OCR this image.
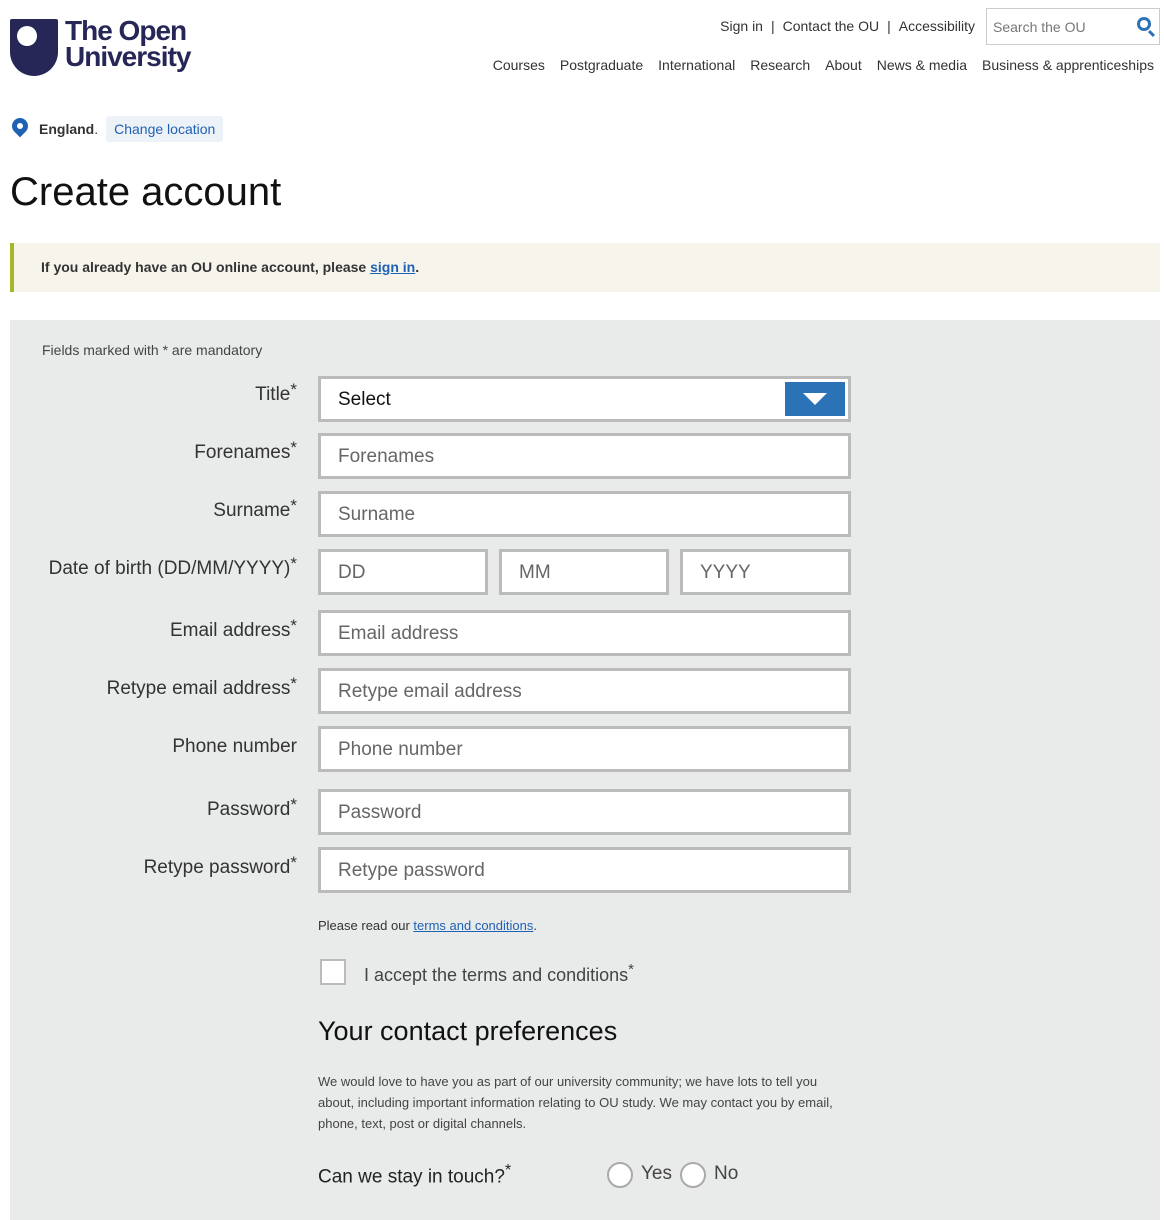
The Open
University
Sign in | Contact the OU | Accessibility	Search the OU
Courses Postgraduate International Research About News & media Business & apprenticeships
England .	Change location
Create account
If you already have an OU online account, please sign in.
Fields marked with * are mandatory
Title*	Select
Forenames*	Forenames
Surname*	Surname
Date of birth (DD/MM/YYYY)*	DD	MM	YYYY
Email address*	Email address
Retype email address*	Retype email address
Phone number	Phone number
Password*	Password
Retype password*	Retype password
Please read our terms and conditions.
I accept the terms and conditions*
Your contact preferences
We would love to have you as part of our university community; we have lots to tell you about, including important information relating to OU study. We may contact you by email, phone, text, post or digital channels.
Can we stay in touch?*	Yes No
